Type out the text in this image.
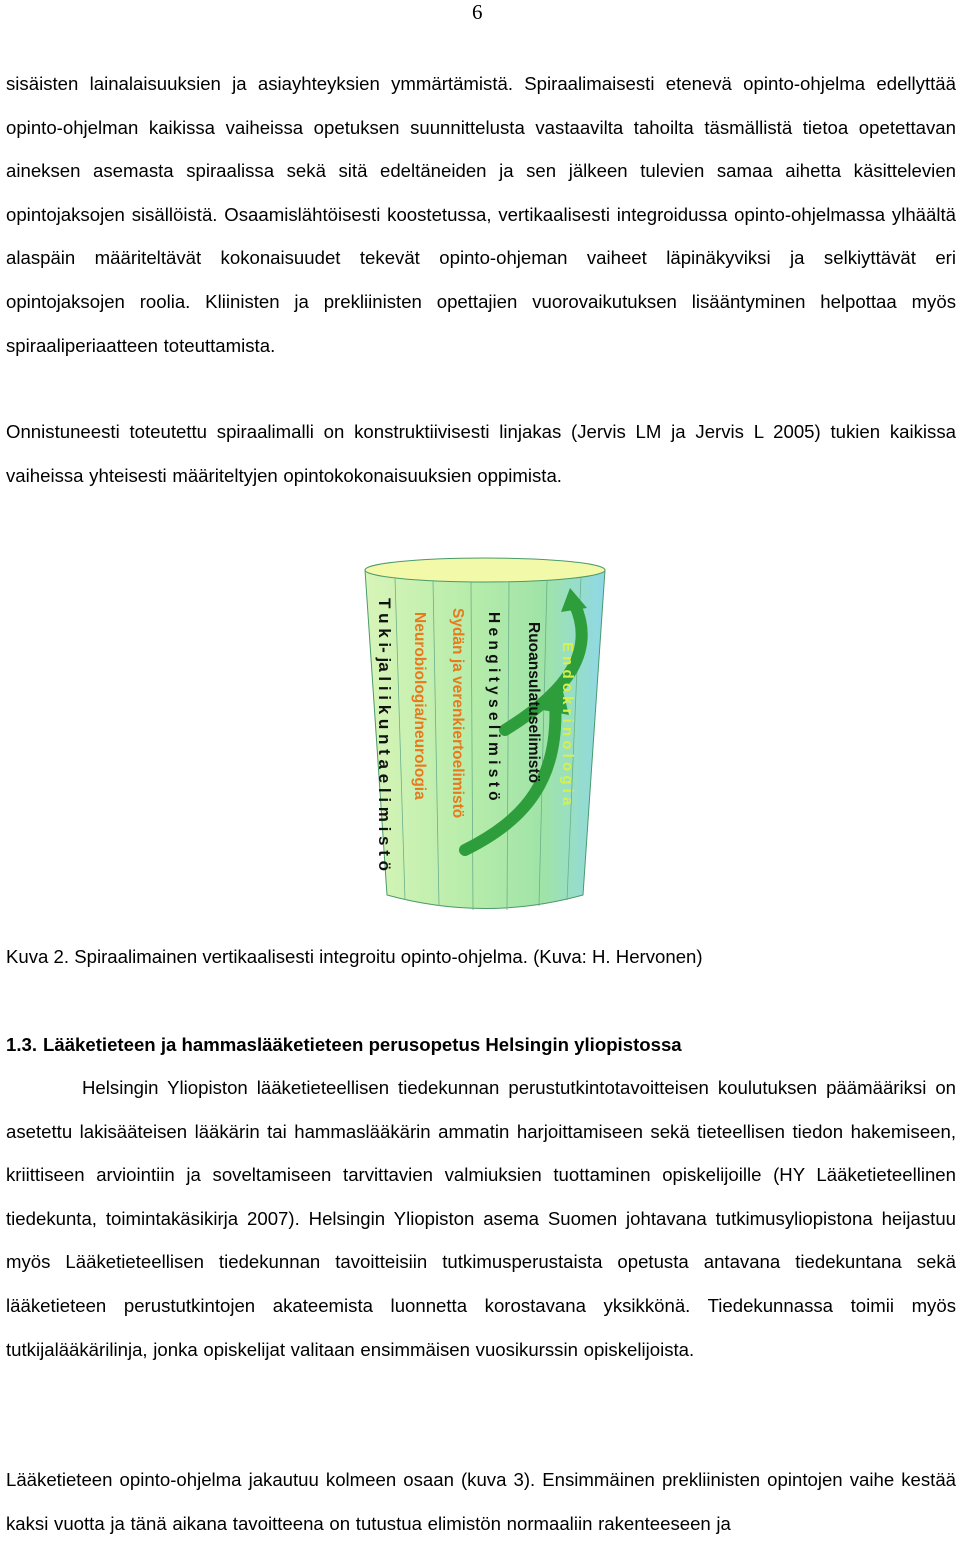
6

sisäisten lainalaisuuksien ja asiayhteyksien ymmärtämistä. Spiraalimaisesti etenevä opinto-ohjelma edellyttää opinto-ohjelman kaikissa vaiheissa opetuksen suunnittelusta vastaavilta tahoilta täsmällistä tietoa opetettavan aineksen asemasta spiraalissa sekä sitä edeltäneiden ja sen jälkeen tulevien samaa aihetta käsittelevien opintojaksojen sisällöistä. Osaamislähtöisesti koostetussa, vertikaalisesti integroidussa opinto-ohjelmassa ylhäältä alaspäin määriteltävät kokonaisuudet tekevät opinto-ohjeman vaiheet läpinäkyviksi ja selkiyttävät eri opintojaksojen roolia. Kliinisten ja prekliinisten opettajien vuorovaikutuksen lisääntyminen helpottaa myös spiraaliperiaatteen toteuttamista.

Onnistuneesti toteutettu spiraalimalli on konstruktiivisesti linjakas (Jervis LM ja Jervis L 2005) tukien kaikissa vaiheissa yhteisesti määriteltyjen opintokokonaisuuksien oppimista.

T u k i- ja l i i k u n t a e l i m i s t ö Neurobiologia/neurologia Sydän ja verenkiertoelimistö H e n g i t y s e l i m i s t ö Ruoansulatuselimistö E n d o k r i n o l o g i a

Kuva 2. Spiraalimainen vertikaalisesti integroitu opinto-ohjelma. (Kuva: H. Hervonen)

1.3. Lääketieteen ja hammaslääketieteen perusopetus Helsingin yliopistossa

Helsingin Yliopiston lääketieteellisen tiedekunnan perustutkintotavoitteisen koulutuksen päämääriksi on asetettu lakisääteisen lääkärin tai hammaslääkärin ammatin harjoittamiseen sekä tieteellisen tiedon hakemiseen, kriittiseen arviointiin ja soveltamiseen tarvittavien valmiuksien tuottaminen opiskelijoille (HY Lääketieteellinen tiedekunta, toimintakäsikirja 2007). Helsingin Yliopiston asema Suomen johtavana tutkimusyliopistona heijastuu myös Lääketieteellisen tiedekunnan tavoitteisiin tutkimusperustaista opetusta antavana tiedekuntana sekä lääketieteen perustutkintojen akateemista luonnetta korostavana yksikkönä. Tiedekunnassa toimii myös tutkijalääkärilinja, jonka opiskelijat valitaan ensimmäisen vuosikurssin opiskelijoista.

Lääketieteen opinto-ohjelma jakautuu kolmeen osaan (kuva 3). Ensimmäinen prekliinisten opintojen vaihe kestää kaksi vuotta ja tänä aikana tavoitteena on tutustua elimistön normaaliin rakenteeseen ja
